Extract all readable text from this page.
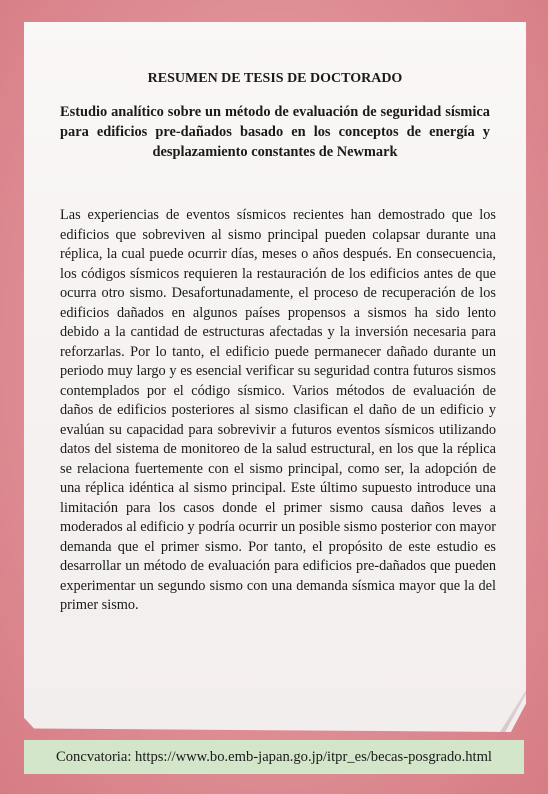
RESUMEN DE TESIS DE DOCTORADO

Estudio analítico sobre un método de evaluación de seguridad sísmica para edificios pre-dañados basado en los conceptos de energía y desplazamiento constantes de Newmark

Las experiencias de eventos sísmicos recientes han demostrado que los edificios que sobreviven al sismo principal pueden colapsar durante una réplica, la cual puede ocurrir días, meses o años después. En consecuencia, los códigos sísmicos requieren la restauración de los edificios antes de que ocurra otro sismo. Desafortunadamente, el proceso de recuperación de los edificios dañados en algunos países propensos a sismos ha sido lento debido a la cantidad de estructuras afectadas y la inversión necesaria para reforzarlas. Por lo tanto, el edificio puede permanecer dañado durante un periodo muy largo y es esencial verificar su seguridad contra futuros sismos contemplados por el código sísmico. Varios métodos de evaluación de daños de edificios posteriores al sismo clasifican el daño de un edificio y evalúan su capacidad para sobrevivir a futuros eventos sísmicos utilizando datos del sistema de monitoreo de la salud estructural, en los que la réplica se relaciona fuertemente con el sismo principal, como ser, la adopción de una réplica idéntica al sismo principal. Este último supuesto introduce una limitación para los casos donde el primer sismo causa daños leves a moderados al edificio y podría ocurrir un posible sismo posterior con mayor demanda que el primer sismo. Por tanto, el propósito de este estudio es desarrollar un método de evaluación para edificios pre-dañados que pueden experimentar un segundo sismo con una demanda sísmica mayor que la del primer sismo.

Concvatoria: https://www.bo.emb-japan.go.jp/itpr_es/becas-posgrado.html
